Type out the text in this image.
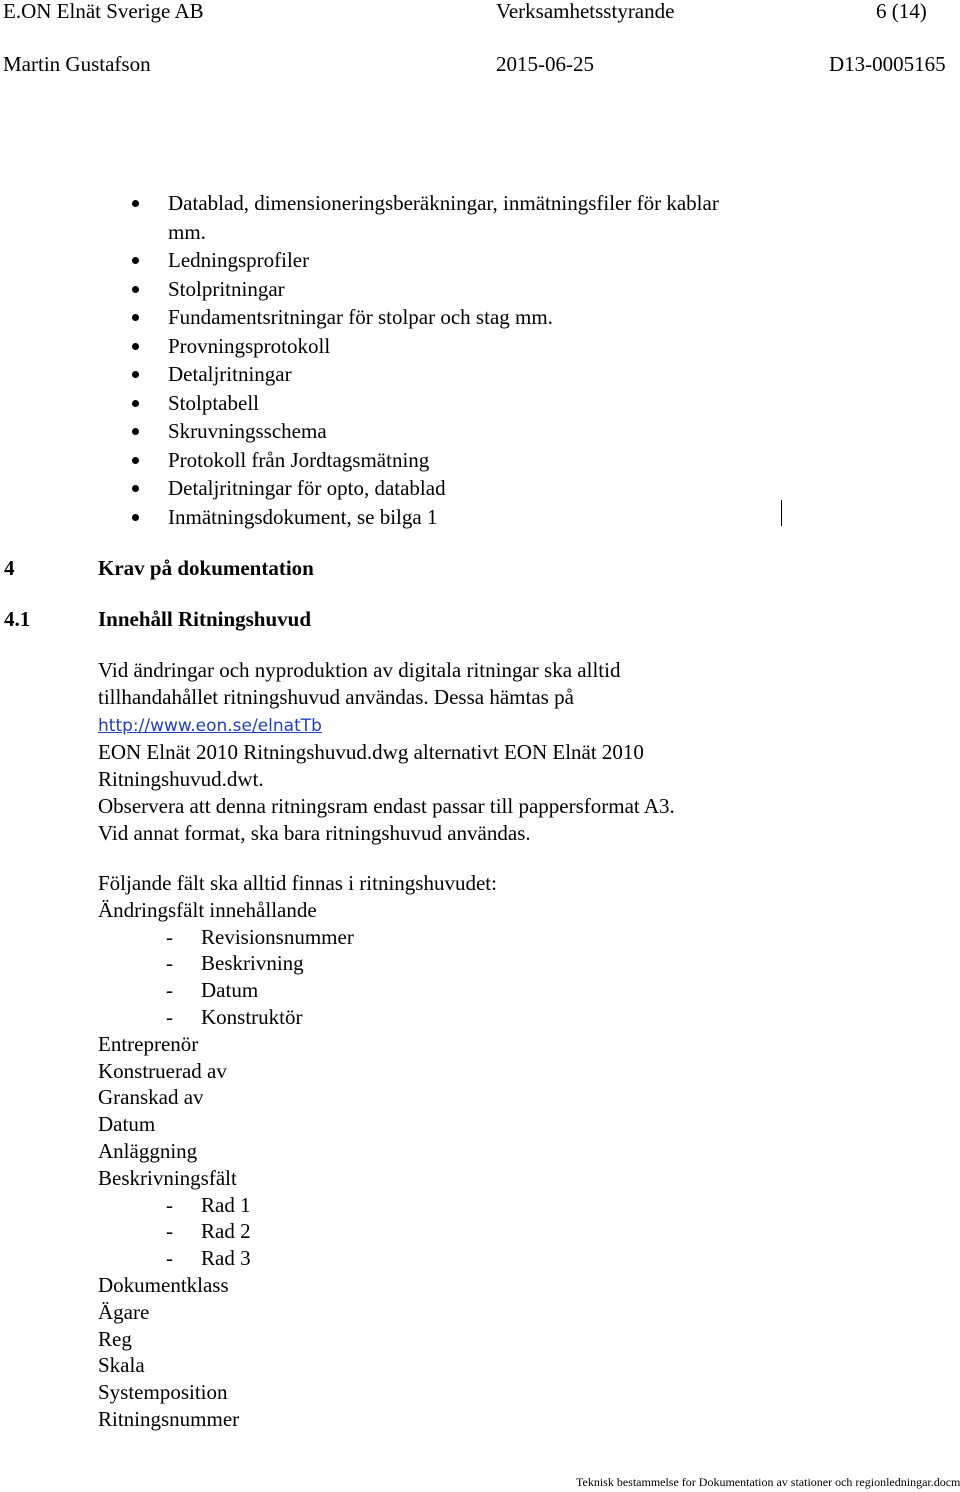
E.ON Elnät Sverige AB	Verksamhetsstyrande	6 (14)
Martin Gustafson	2015-06-25	D13-0005165
Datablad, dimensioneringsberäkningar, inmätningsfiler för kablar mm.
Ledningsprofiler
Stolpritningar
Fundamentsritningar för stolpar och stag mm.
Provningsprotokoll
Detaljritningar
Stolptabell
Skruvningsschema
Protokoll från Jordtagsmätning
Detaljritningar för opto, datablad
Inmätningsdokument, se bilga 1
4	Krav på dokumentation
4.1	Innehåll Ritningshuvud
Vid ändringar och nyproduktion av digitala ritningar ska alltid
tillhandahållet ritningshuvud användas. Dessa hämtas på
http://www.eon.se/elnatTb
EON Elnät 2010 Ritningshuvud.dwg alternativt EON Elnät 2010
Ritningshuvud.dwt.
Observera att denna ritningsram endast passar till pappersformat A3.
Vid annat format, ska bara ritningshuvud användas.
Följande fält ska alltid finnas i ritningshuvudet:
Ändringsfält innehållande
- Revisionsnummer
- Beskrivning
- Datum
- Konstruktör
Entreprenör
Konstruerad av
Granskad av
Datum
Anläggning
Beskrivningsfält
- Rad 1
- Rad 2
- Rad 3
Dokumentklass
Ägare
Reg
Skala
Systemposition
Ritningsnummer
Teknisk bestammelse for Dokumentation av stationer och regionledningar.docm
